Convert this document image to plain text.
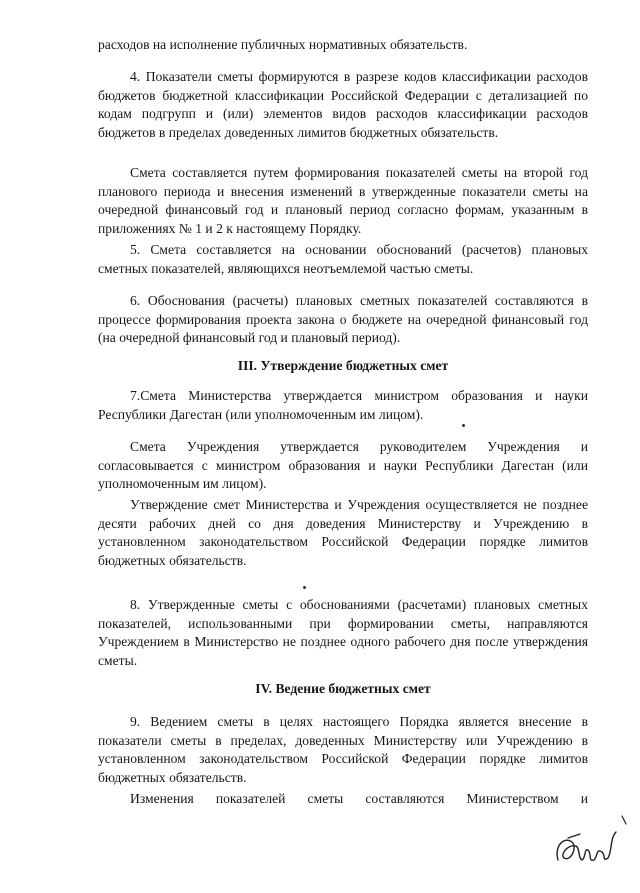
расходов на исполнение публичных нормативных обязательств.

4. Показатели сметы формируются в разрезе кодов классификации расходов бюджетов бюджетной классификации Российской Федерации с детализацией по кодам подгрупп и (или) элементов видов расходов классификации расходов бюджетов в пределах доведенных лимитов бюджетных обязательств.

Смета составляется путем формирования показателей сметы на второй год планового периода и внесения изменений в утвержденные показатели сметы на очередной финансовый год и плановый период согласно формам, указанным в приложениях № 1 и 2 к настоящему Порядку.

5. Смета составляется на основании обоснований (расчетов) плановых сметных показателей, являющихся неотъемлемой частью сметы.

6. Обоснования (расчеты) плановых сметных показателей составляются в процессе формирования проекта закона о бюджете на очередной финансовый год (на очередной финансовый год и плановый период).

III. Утверждение бюджетных смет

7.Смета Министерства утверждается министром образования и науки Республики Дагестан (или уполномоченным им лицом).

Смета Учреждения утверждается руководителем Учреждения и согласовывается с министром образования и науки Республики Дагестан (или уполномоченным им лицом).

Утверждение смет Министерства и Учреждения осуществляется не позднее десяти рабочих дней со дня доведения Министерству и Учреждению в установленном законодательством Российской Федерации порядке лимитов бюджетных обязательств.

8. Утвержденные сметы с обоснованиями (расчетами) плановых сметных показателей, использованными при формировании сметы, направляются Учреждением в Министерство не позднее одного рабочего дня после утверждения сметы.

IV. Ведение бюджетных смет

9. Ведением сметы в целях настоящего Порядка является внесение в показатели сметы в пределах, доведенных Министерству или Учреждению в установленном законодательством Российской Федерации порядке лимитов бюджетных обязательств.

Изменения показателей сметы составляются Министерством и
